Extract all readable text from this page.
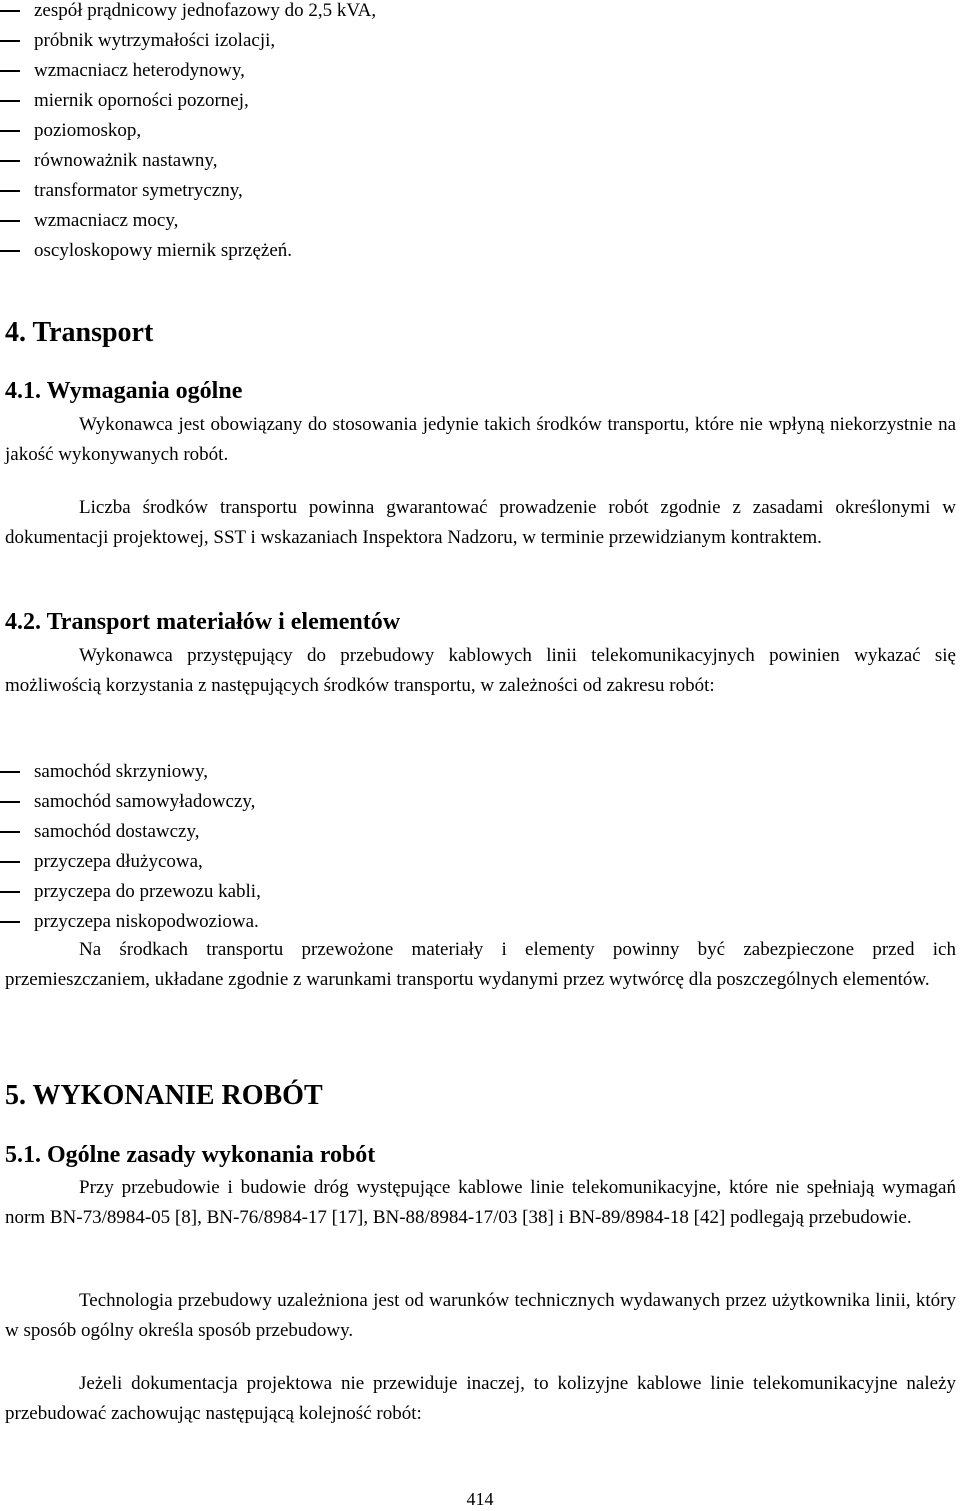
zespół prądnicowy jednofazowy do 2,5 kVA,
próbnik wytrzymałości izolacji,
wzmacniacz heterodynowy,
miernik oporności pozornej,
poziomoskop,
równoważnik nastawny,
transformator symetryczny,
wzmacniacz mocy,
oscyloskopowy miernik sprzężeń.
4. Transport
4.1. Wymagania ogólne

Wykonawca jest obowiązany do stosowania jedynie takich środków transportu, które nie wpłyną niekorzystnie na jakość wykonywanych robót.

Liczba środków transportu powinna gwarantować prowadzenie robót zgodnie z zasadami określonymi w dokumentacji projektowej, SST i wskazaniach Inspektora Nadzoru, w terminie przewidzianym kontraktem.

4.2. Transport materiałów i elementów

Wykonawca przystępujący do przebudowy kablowych linii telekomunikacyjnych powinien wykazać się możliwością korzystania z następujących środków transportu, w zależności od zakresu robót:

samochód skrzyniowy,
samochód samowyładowczy,
samochód dostawczy,
przyczepa dłużycowa,
przyczepa do przewozu kabli,
przyczepa niskopodwoziowa.

Na środkach transportu przewożone materiały i elementy powinny być zabezpieczone przed ich przemieszczaniem, układane zgodnie z warunkami transportu wydanymi przez wytwórcę dla poszczególnych elementów.

5. WYKONANIE ROBÓT
5.1. Ogólne zasady wykonania robót

Przy przebudowie i budowie dróg występujące kablowe linie telekomunikacyjne, które nie spełniają wymagań norm BN-73/8984-05 [8], BN-76/8984-17 [17], BN-88/8984-17/03 [38] i BN-89/8984-18 [42] podlegają przebudowie.

Technologia przebudowy uzależniona jest od warunków technicznych wydawanych przez użytkownika linii, który w sposób ogólny określa sposób przebudowy.

Jeżeli dokumentacja projektowa nie przewiduje inaczej, to kolizyjne kablowe linie telekomunikacyjne należy przebudować zachowując następującą kolejność robót:

414
